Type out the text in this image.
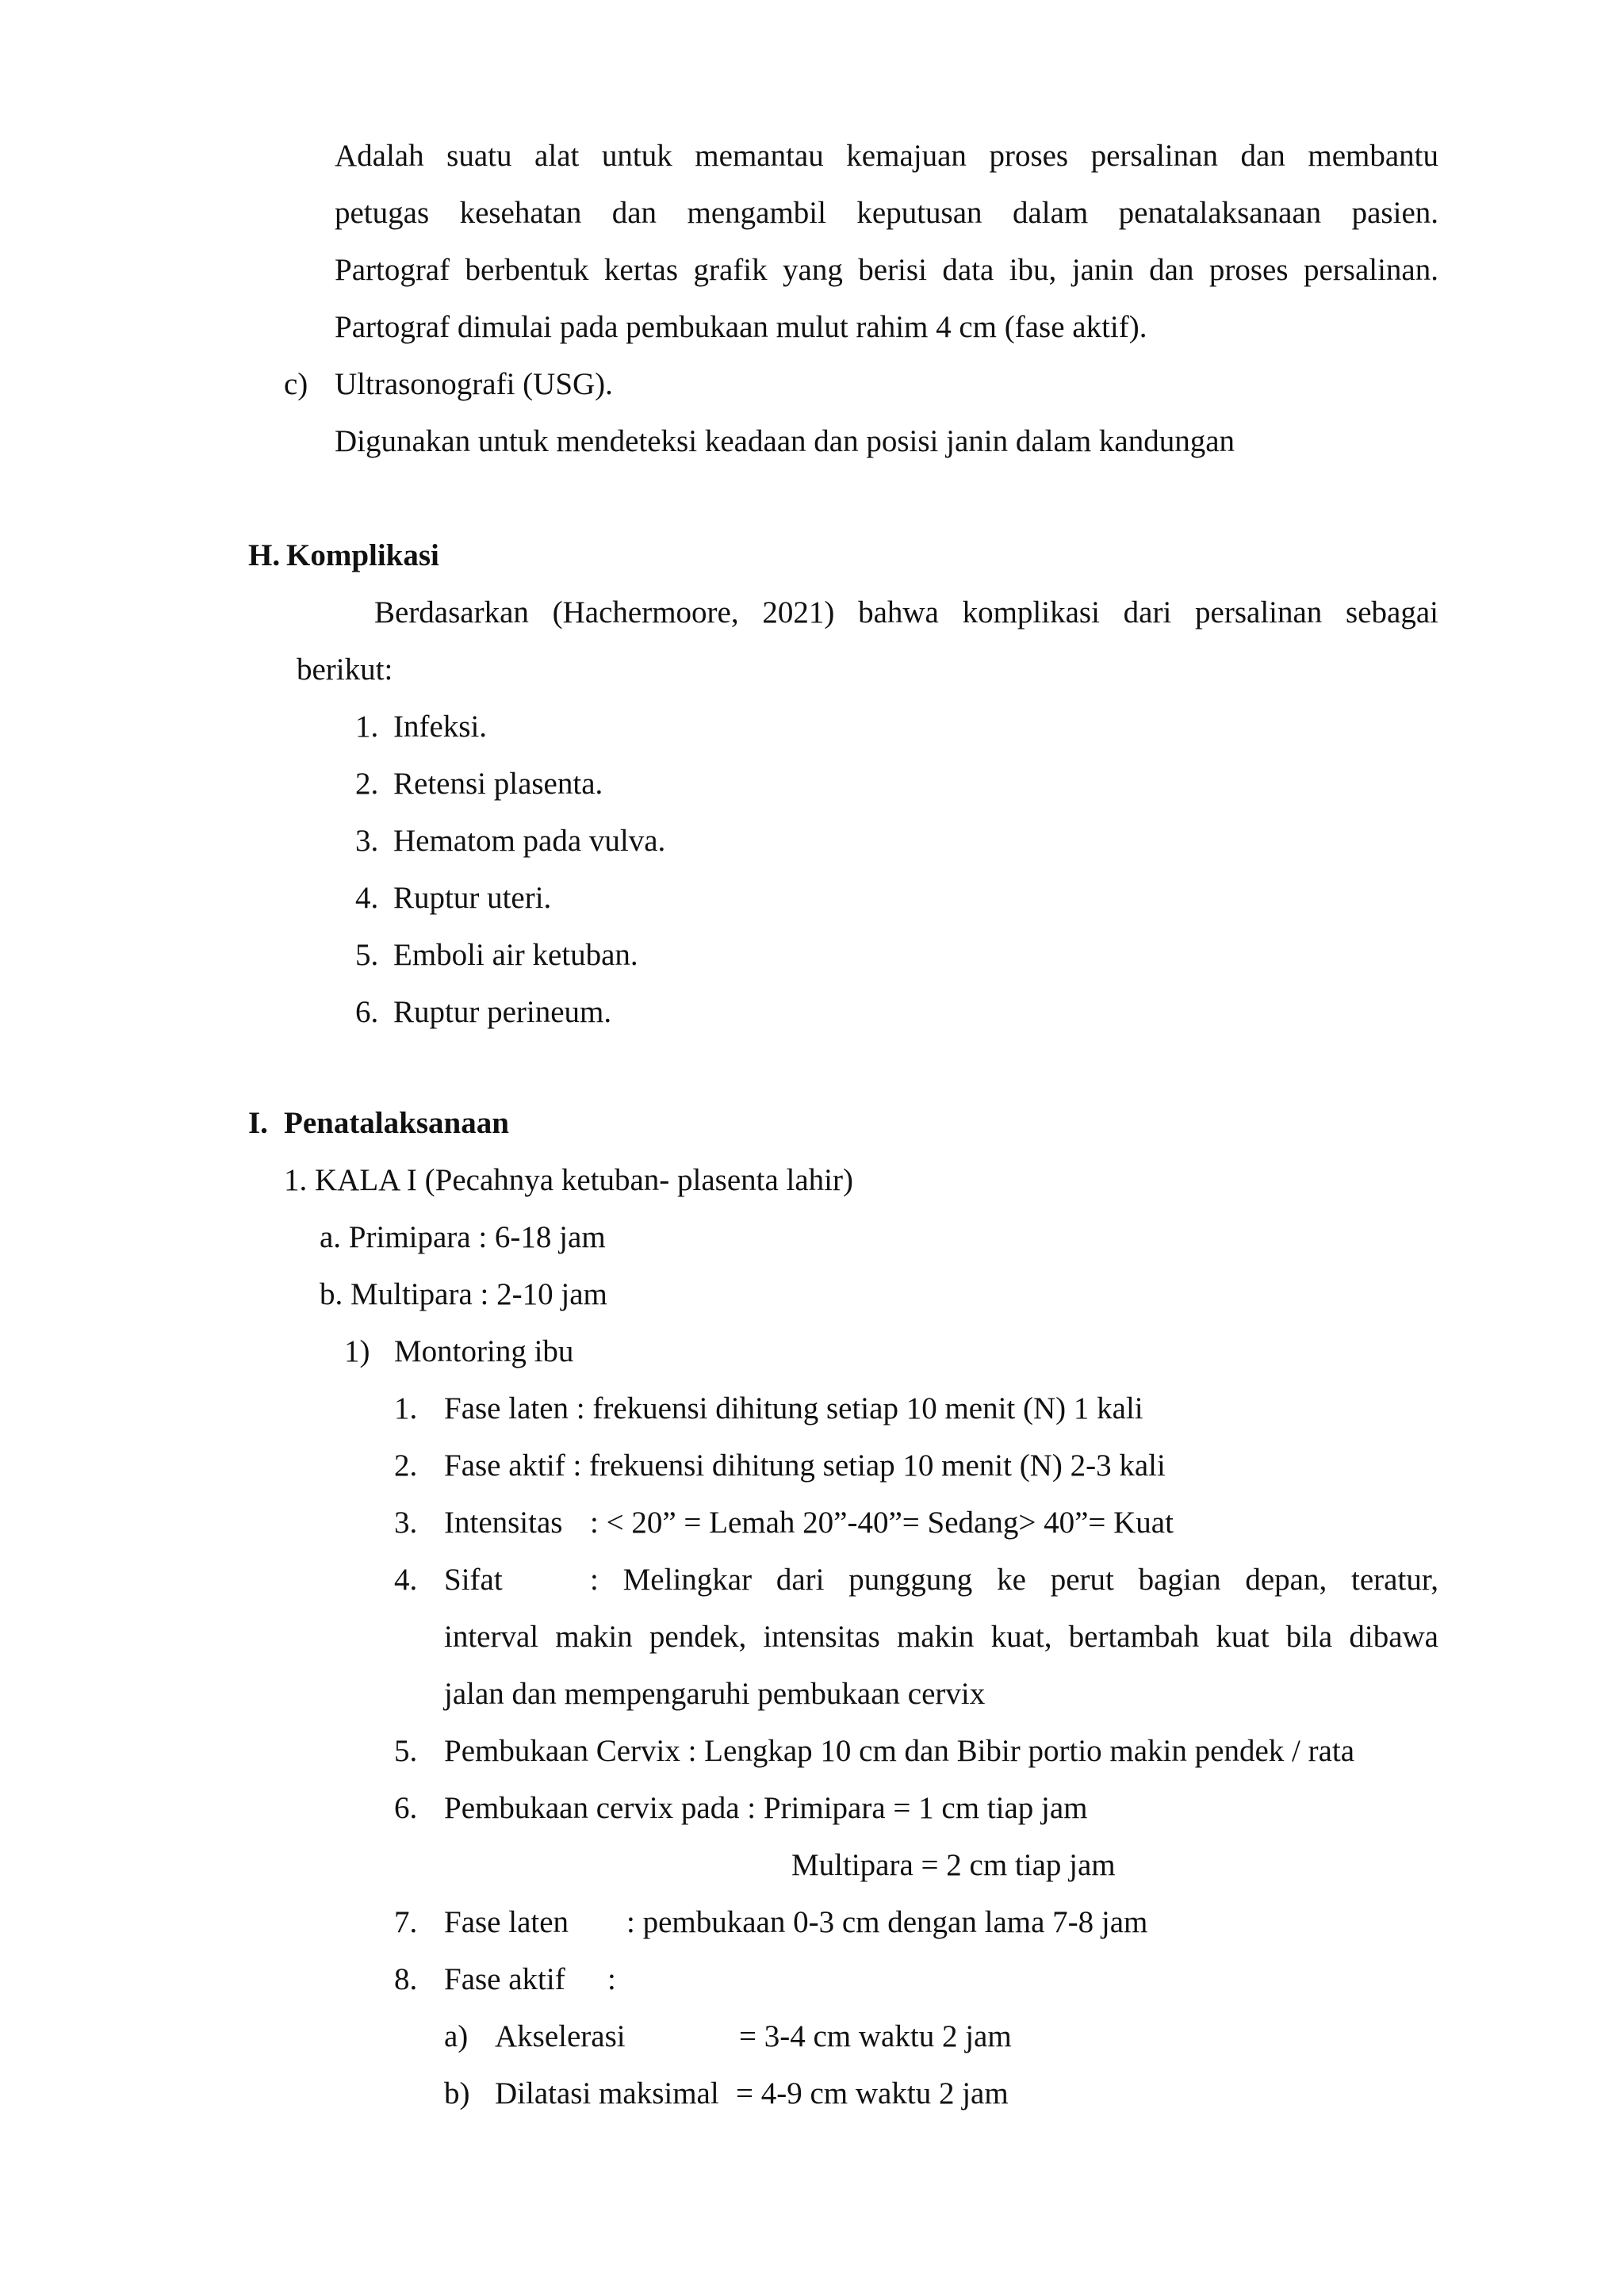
Adalah suatu alat untuk memantau kemajuan proses persalinan dan membantu
petugas kesehatan dan mengambil keputusan dalam penatalaksanaan pasien.
Partograf berbentuk kertas grafik yang berisi data ibu, janin dan proses persalinan.
Partograf dimulai pada pembukaan mulut rahim 4 cm (fase aktif).
c) Ultrasonografi (USG).
Digunakan untuk mendeteksi keadaan dan posisi janin dalam kandungan
H. Komplikasi
Berdasarkan (Hachermoore, 2021) bahwa komplikasi dari persalinan sebagai
berikut:
1. Infeksi.
2. Retensi plasenta.
3. Hematom pada vulva.
4. Ruptur uteri.
5. Emboli air ketuban.
6. Ruptur perineum.
I. Penatalaksanaan
1. KALA I (Pecahnya ketuban- plasenta lahir)
a. Primipara : 6-18 jam
b. Multipara : 2-10 jam
1) Montoring ibu
1. Fase laten : frekuensi dihitung setiap 10 menit (N) 1 kali
2. Fase aktif : frekuensi dihitung setiap 10 menit (N) 2-3 kali
3. Intensitas : < 20” = Lemah 20”-40”= Sedang> 40”= Kuat
4. Sifat	: Melingkar dari punggung ke perut bagian depan, teratur,
interval makin pendek, intensitas makin kuat, bertambah kuat bila dibawa
jalan dan mempengaruhi pembukaan cervix
5. Pembukaan Cervix : Lengkap 10 cm dan Bibir portio makin pendek / rata
6. Pembukaan cervix pada : Primipara = 1 cm tiap jam
Multipara = 2 cm tiap jam
7. Fase laten : pembukaan 0-3 cm dengan lama 7-8 jam
8. Fase aktif :
a) Akselerasi	= 3-4 cm waktu 2 jam
b) Dilatasi maksimal = 4-9 cm waktu 2 jam
